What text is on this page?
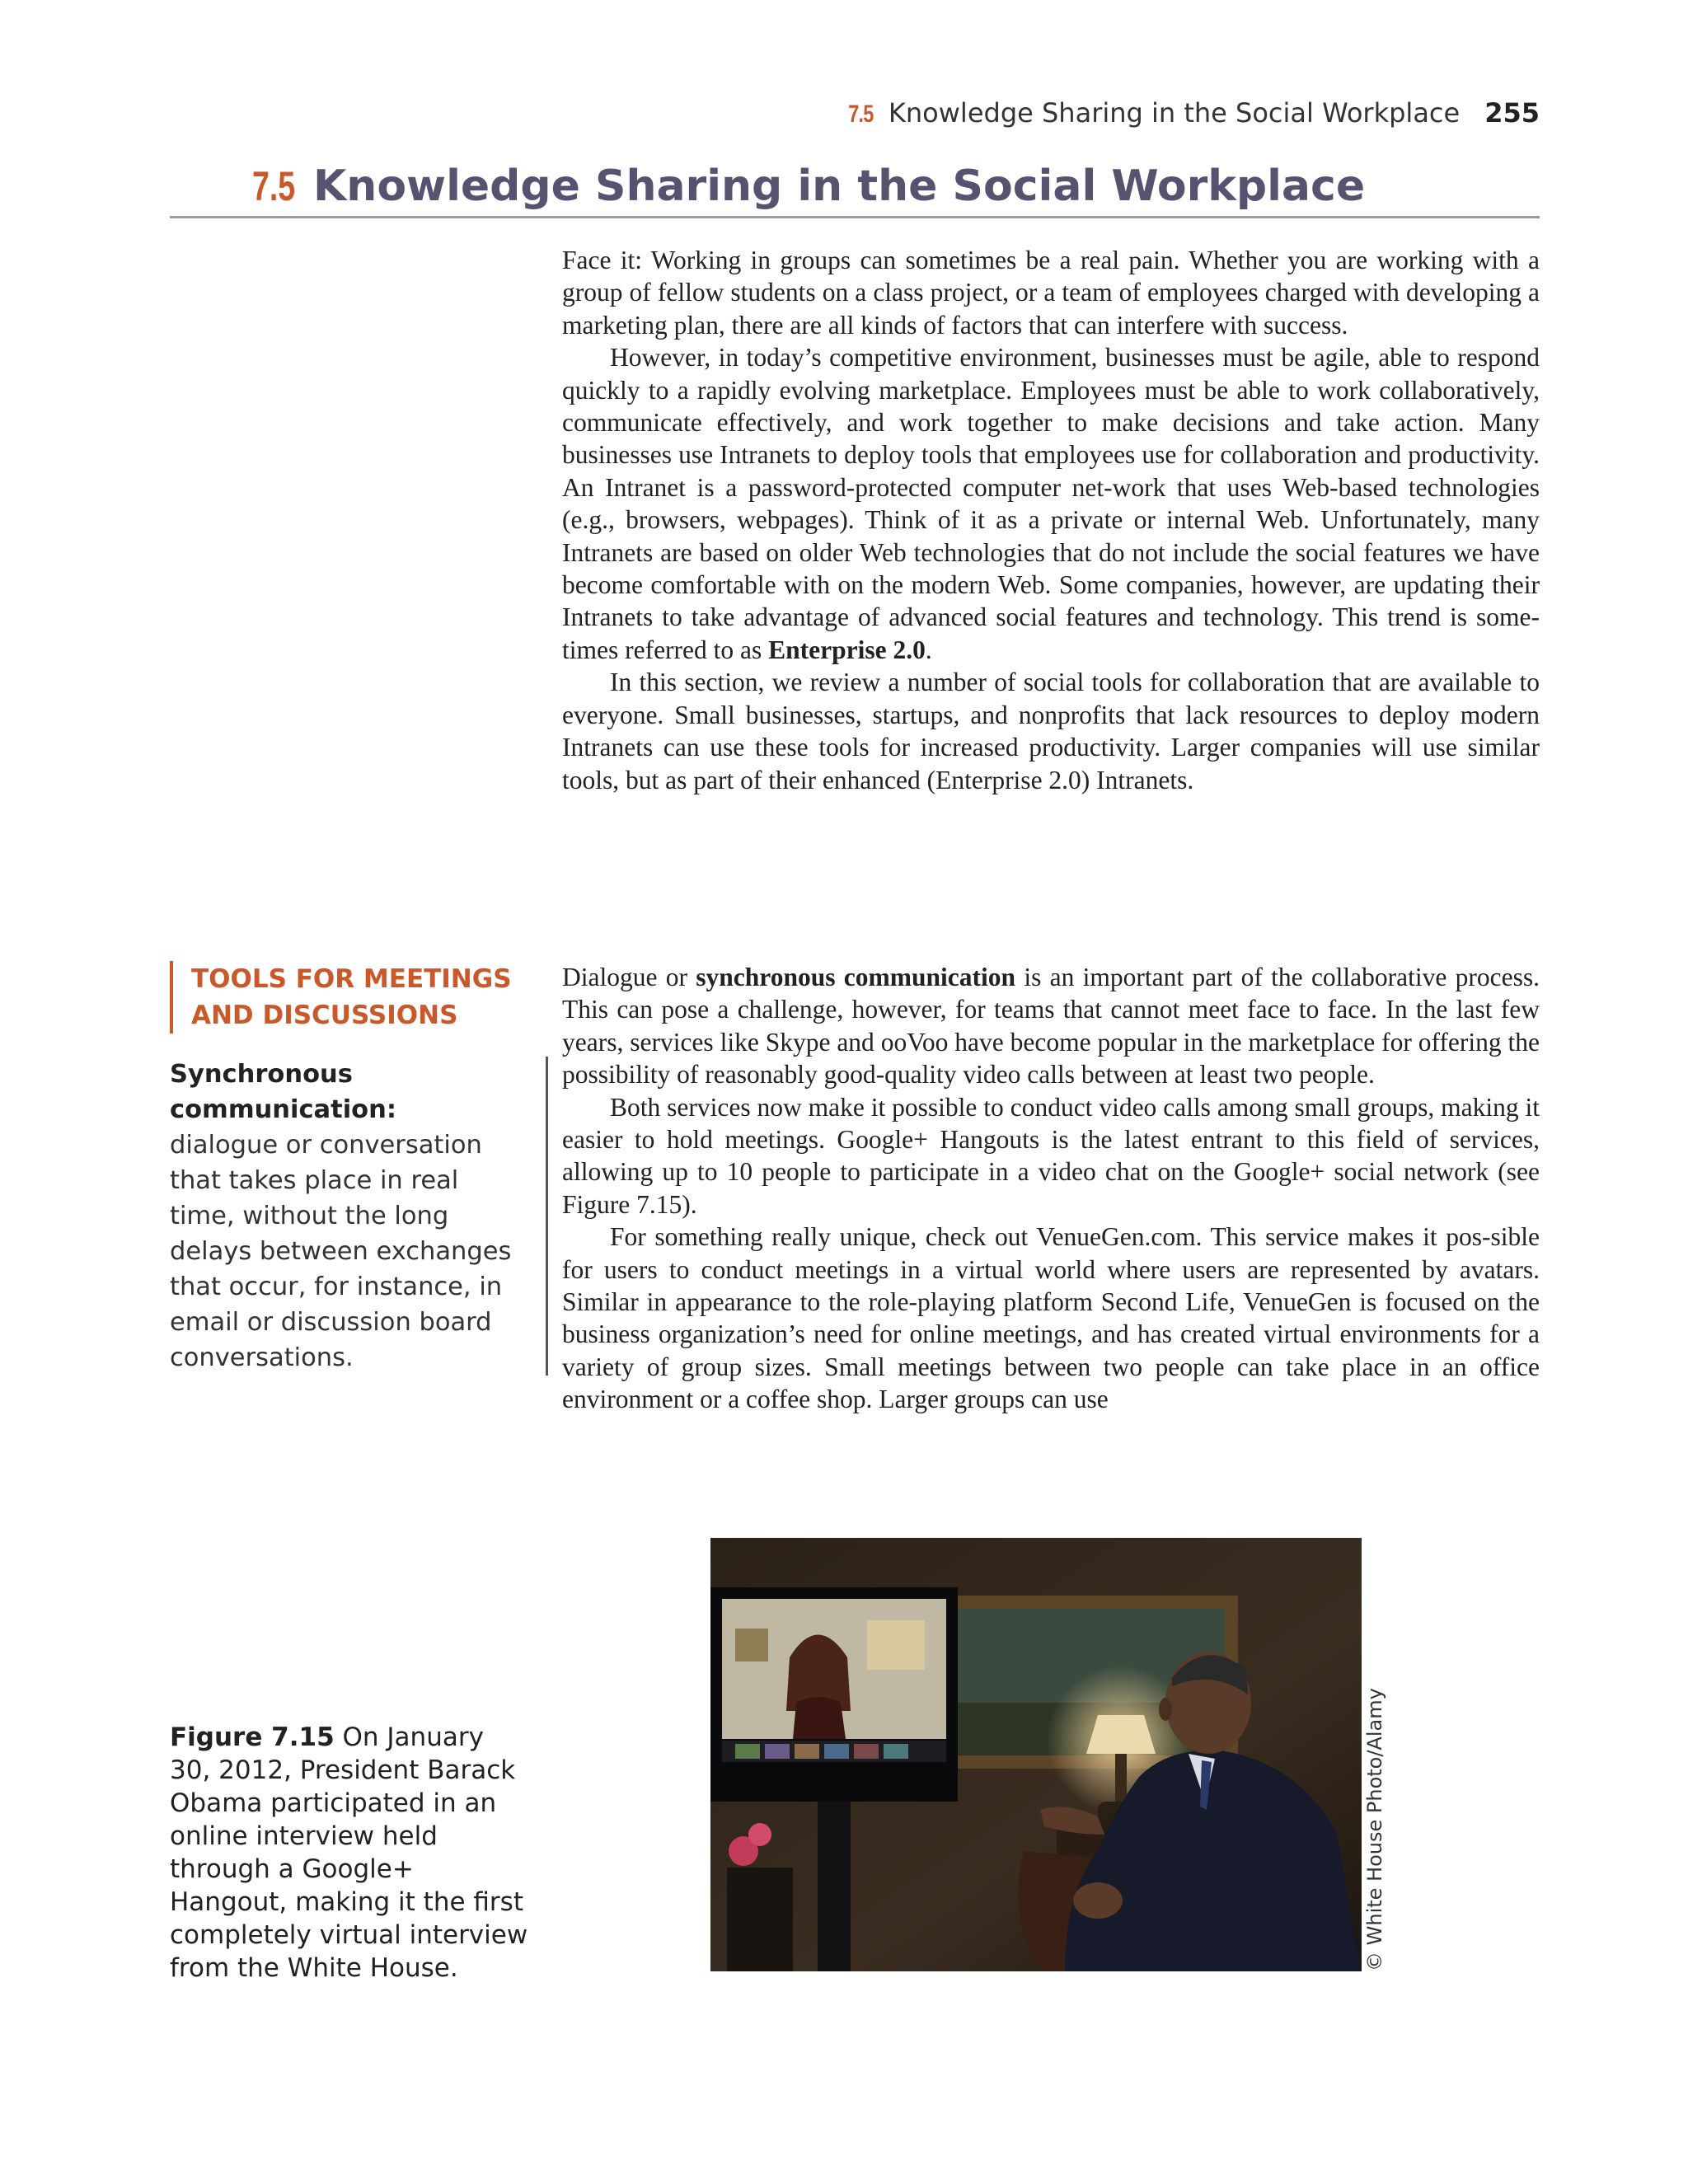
7.5 Knowledge Sharing in the Social Workplace 255
7.5 Knowledge Sharing in the Social Workplace

Face it: Working in groups can sometimes be a real pain. Whether you are working with a group of fellow students on a class project, or a team of employees charged with developing a marketing plan, there are all kinds of factors that can interfere with success.

However, in today’s competitive environment, businesses must be agile, able to respond quickly to a rapidly evolving marketplace. Employees must be able to work collaboratively, communicate effectively, and work together to make decisions and take action. Many businesses use Intranets to deploy tools that employees use for collaboration and productivity. An Intranet is a password-protected computer net-work that uses Web-based technologies (e.g., browsers, webpages). Think of it as a private or internal Web. Unfortunately, many Intranets are based on older Web technologies that do not include the social features we have become comfortable with on the modern Web. Some companies, however, are updating their Intranets to take advantage of advanced social features and technology. This trend is some-times referred to as Enterprise 2.0.

In this section, we review a number of social tools for collaboration that are available to everyone. Small businesses, startups, and nonprofits that lack resources to deploy modern Intranets can use these tools for increased productivity. Larger companies will use similar tools, but as part of their enhanced (Enterprise 2.0) Intranets.

TOOLS FOR MEETINGS
AND DISCUSSIONS
Synchronous communication:
dialogue or conversation that takes place in real time, without the long delays between exchanges that occur, for instance, in email or discussion board conversations.

Dialogue or synchronous communication is an important part of the collaborative process. This can pose a challenge, however, for teams that cannot meet face to face. In the last few years, services like Skype and ooVoo have become popular in the marketplace for offering the possibility of reasonably good-quality video calls between at least two people.

Both services now make it possible to conduct video calls among small groups, making it easier to hold meetings. Google+ Hangouts is the latest entrant to this field of services, allowing up to 10 people to participate in a video chat on the Google+ social network (see Figure 7.15).

For something really unique, check out VenueGen.com. This service makes it pos-sible for users to conduct meetings in a virtual world where users are represented by avatars. Similar in appearance to the role-playing platform Second Life, VenueGen is focused on the business organization’s need for online meetings, and has created virtual environments for a variety of group sizes. Small meetings between two people can take place in an office environment or a coffee shop. Larger groups can use

© White House Photo/Alamy
Figure 7.15 On January 30, 2012, President Barack Obama participated in an online interview held through a Google+ Hangout, making it the first completely virtual interview from the White House.
